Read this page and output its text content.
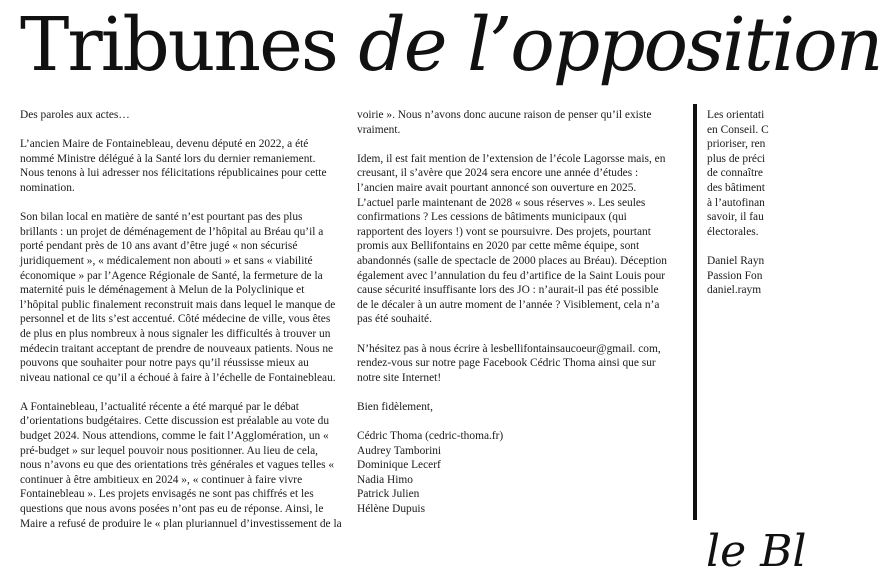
Tribunes de l’opposition

Des paroles aux actes…

L’ancien Maire de Fontainebleau, devenu député en 2022, a été nommé Ministre délégué à la Santé lors du dernier remaniement. Nous tenons à lui adresser nos félicitations républicaines pour cette nomination.

Son bilan local en matière de santé n’est pourtant pas des plus brillants : un projet de déménagement de l’hôpital au Bréau qu’il a porté pendant près de 10 ans avant d’être jugé « non sécurisé juridiquement », « médicalement non abouti » et sans « viabilité économique » par l’Agence Régionale de Santé, la fermeture de la maternité puis le déménagement à Melun de la Polyclinique et l’hôpital public finalement reconstruit mais dans lequel le manque de personnel et de lits s’est accentué. Côté médecine de ville, vous êtes de plus en plus nombreux à nous signaler les difficultés à trouver un médecin traitant acceptant de prendre de nouveaux patients. Nous ne pouvons que souhaiter pour notre pays qu’il réussisse mieux au niveau national ce qu’il a échoué à faire à l’échelle de Fontainebleau.

A Fontainebleau, l’actualité récente a été marqué par le débat d’orientations budgétaires. Cette discussion est préalable au vote du budget 2024. Nous attendions, comme le fait l’Agglomération, un « pré-budget » sur lequel pouvoir nous positionner. Au lieu de cela, nous n’avons eu que des orientations très générales et vagues telles « continuer à être ambitieux en 2024 », « continuer à faire vivre Fontainebleau ». Les projets envisagés ne sont pas chiffrés et les questions que nous avons posées n’ont pas eu de réponse. Ainsi, le Maire a refusé de produire le « plan pluriannuel d’investissement de la

voirie ». Nous n’avons donc aucune raison de penser qu’il existe vraiment.

Idem, il est fait mention de l’extension de l’école Lagorsse mais, en creusant, il s’avère que 2024 sera encore une année d’études : l’ancien maire avait pourtant annoncé son ouverture en 2025. L’actuel parle maintenant de 2028 « sous réserves ». Les seules confirmations ? Les cessions de bâtiments municipaux (qui rapportent des loyers !) vont se poursuivre. Des projets, pourtant promis aux Bellifontains en 2020 par cette même équipe, sont abandonnés (salle de spectacle de 2000 places au Bréau). Déception également avec l’annulation du feu d’artifice de la Saint Louis pour cause sécurité insuffisante lors des JO : n’aurait-il pas été possible de le décaler à un autre moment de l’année ? Visiblement, cela n’a pas été souhaité.

N’hésitez pas à nous écrire à lesbellifontainsaucoeur@gmail. com, rendez-vous sur notre page Facebook Cédric Thoma ainsi que sur notre site Internet!

Bien fidèlement,

Cédric Thoma (cedric-thoma.fr)
Audrey Tamborini
Dominique Lecerf
Nadia Himo
Patrick Julien
Hélène Dupuis
Les orientati
en Conseil. C
prioriser, ren
plus de préci
de connaître
des bâtiment
à l’autofinan
savoir, il fau
électorales.
Daniel Rayn
Passion Fon
daniel.raym
le Bl
